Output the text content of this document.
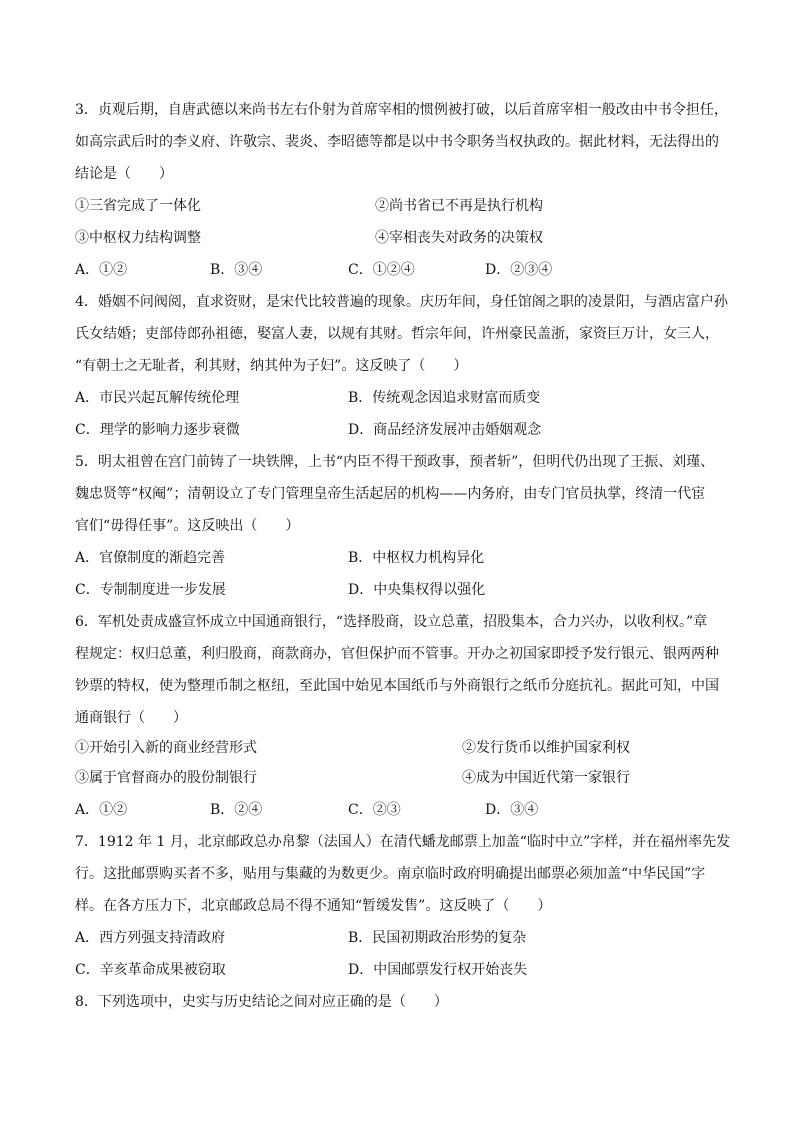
3．贞观后期，自唐武德以来尚书左右仆射为首席宰相的惯例被打破，以后首席宰相一般改由中书令担任，
如高宗武后时的李义府、许敬宗、裴炎、李昭德等都是以中书令职务当权执政的。据此材料，无法得出的
结论是（　　）
①三省完成了一体化	②尚书省已不再是执行机构
③中枢权力结构调整	④宰相丧失对政务的决策权
A．①②	B．③④	C．①②④	D．②③④
4．婚姻不问阀阅，直求资财，是宋代比较普遍的现象。庆历年间，身任馆阁之职的凌景阳，与酒店富户孙
氏女结婚；吏部侍郎孙祖德，娶富人妻，以规有其财。哲宗年间，许州豪民盖浙，家资巨万计，女三人，
“有朝士之无耻者，利其财，纳其仲为子妇”。这反映了（　　）
A．市民兴起瓦解传统伦理	B．传统观念因追求财富而质变
C．理学的影响力逐步衰微	D．商品经济发展冲击婚姻观念
5．明太祖曾在宫门前铸了一块铁牌，上书“内臣不得干预政事，预者斩”，但明代仍出现了王振、刘瑾、
魏忠贤等“权阉”；清朝设立了专门管理皇帝生活起居的机构——内务府，由专门官员执掌，终清一代宦
官们“毋得任事”。这反映出（　　）
A．官僚制度的渐趋完善	B．中枢权力机构异化
C．专制制度进一步发展	D．中央集权得以强化
6．军机处责成盛宣怀成立中国通商银行，“选择股商，设立总董，招股集本，合力兴办，以收利权。”章
程规定：权归总董，利归股商，商款商办，官但保护而不管事。开办之初国家即授予发行银元、银两两种
钞票的特权，使为整理币制之枢纽，至此国中始见本国纸币与外商银行之纸币分庭抗礼。据此可知，中国
通商银行（　　）
①开始引入新的商业经营形式	②发行货币以维护国家利权
③属于官督商办的股份制银行	④成为中国近代第一家银行
A．①②	B．②④	C．②③	D．③④
7．1912 年 1 月，北京邮政总办帛黎（法国人）在清代蟠龙邮票上加盖“临时中立”字样，并在福州率先发
行。这批邮票购买者不多，贴用与集藏的为数更少。南京临时政府明确提出邮票必须加盖“中华民国”字
样。在各方压力下，北京邮政总局不得不通知“暂缓发售”。这反映了（　　）
A．西方列强支持清政府	B．民国初期政治形势的复杂
C．辛亥革命成果被窃取	D．中国邮票发行权开始丧失
8．下列选项中，史实与历史结论之间对应正确的是（　　）
